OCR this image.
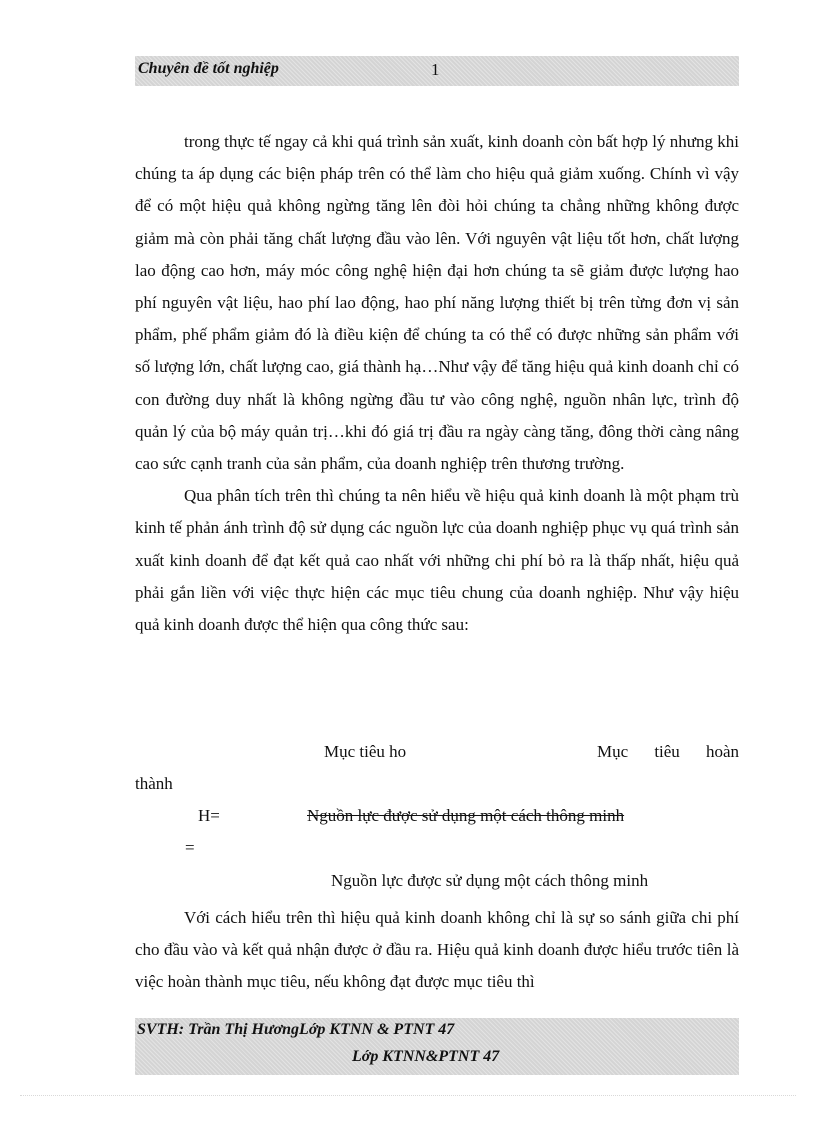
Chuyên đề tốt nghiệp	1

trong thực tế ngay cả khi quá trình sản xuất, kinh doanh còn bất hợp lý nhưng khi chúng ta áp dụng các biện pháp trên có thể làm cho hiệu quả giảm xuống. Chính vì vậy để có một hiệu quả không ngừng tăng lên đòi hỏi chúng ta chẳng những không được giảm mà còn phải tăng chất lượng đầu vào lên. Với nguyên vật liệu tốt hơn, chất lượng lao động cao hơn, máy móc công nghệ hiện đại hơn chúng ta sẽ giảm được lượng hao phí nguyên vật liệu, hao phí lao động, hao phí năng lượng thiết bị trên từng đơn vị sản phẩm, phế phẩm giảm đó là điều kiện để chúng ta có thể có được những sản phẩm với số lượng lớn, chất lượng cao, giá thành hạ…Như vậy để tăng hiệu quả kinh doanh chỉ có con đường duy nhất là không ngừng đầu tư vào công nghệ, nguồn nhân lực, trình độ quản lý của bộ máy quản trị…khi đó giá trị đầu ra ngày càng tăng, đông thời càng nâng cao sức cạnh tranh của sản phẩm, của doanh nghiệp trên thương trường.

Qua phân tích trên thì chúng ta nên hiểu về hiệu quả kinh doanh là một phạm trù kinh tế phản ánh trình độ sử dụng các nguồn lực của doanh nghiệp phục vụ quá trình sản xuất kinh doanh để đạt kết quả cao nhất với những chi phí bỏ ra là thấp nhất, hiệu quả phải gắn liền với việc thực hiện các mục tiêu chung của doanh nghiệp. Như vậy hiệu quả kinh doanh được thể hiện qua công thức sau:

Mục tiêu ho	Mục tiêu hoàn
thành
H=	Nguồn lực được sử dụng một cách thông minh
=
Nguồn lực được sử dụng một cách thông minh

Với cách hiểu trên thì hiệu quả kinh doanh không chỉ là sự so sánh giữa chi phí cho đầu vào và kết quả nhận được ở đầu ra. Hiệu quả kinh doanh được hiểu trước tiên là việc hoàn thành mục tiêu, nếu không đạt được mục tiêu thì

SVTH: Trần Thị HươngLớp KTNN & PTNT 47
Lớp KTNN&PTNT 47
